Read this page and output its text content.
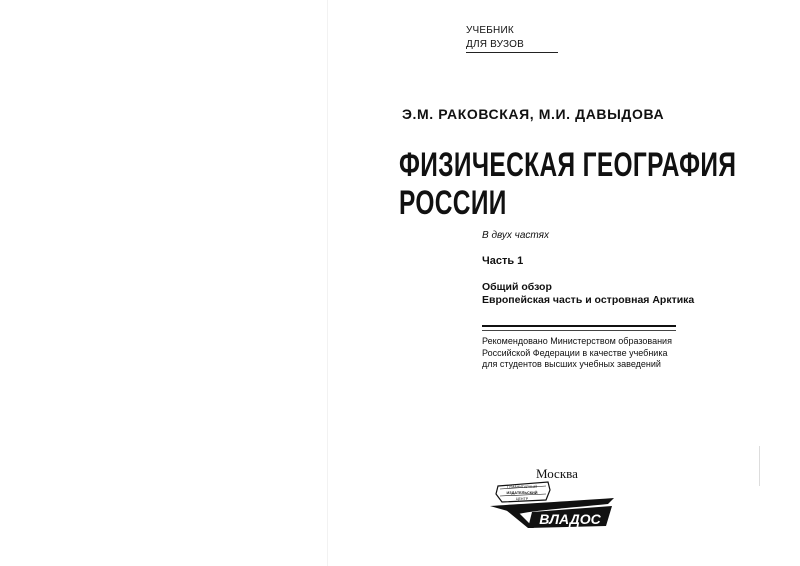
УЧЕБНИК
ДЛЯ ВУЗОВ
Э.М. РАКОВСКАЯ, М.И. ДАВЫДОВА
ФИЗИЧЕСКАЯ ГЕОГРАФИЯ
РОССИИ
В двух частях
Часть 1
Общий обзор
Европейская часть и островная Арктика
Рекомендовано Министерством образования
Российской Федерации в качестве учебника
для студентов высших учебных заведений
Москва
ГУМАНИТАРНЫЙ
ИЗДАТЕЛЬСКИЙ
ЦЕНТР
ВЛАДОС
